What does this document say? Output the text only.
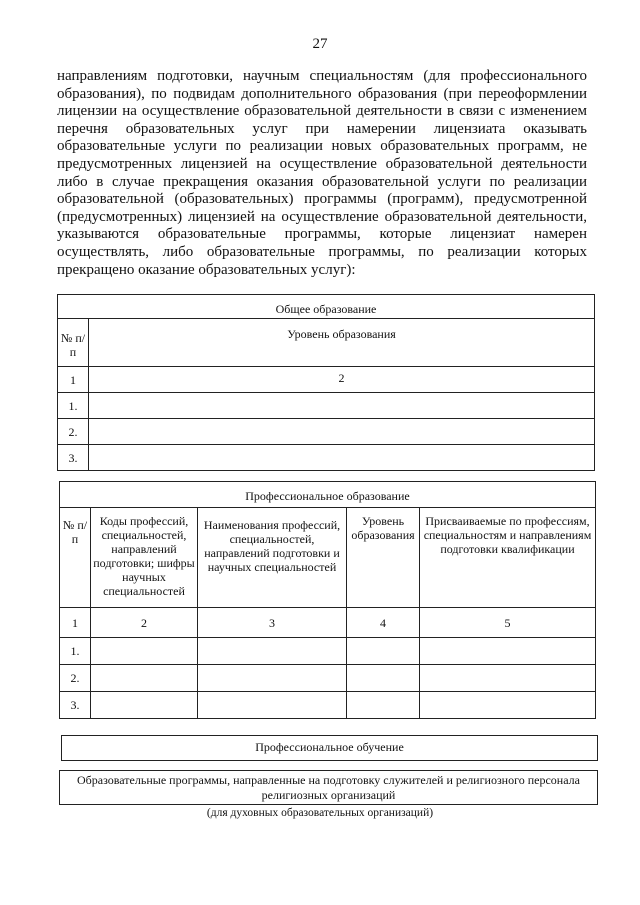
27
направлениям подготовки, научным специальностям (для профессионального образования), по подвидам дополнительного образования (при переоформлении лицензии на осуществление образовательной деятельности в связи с изменением перечня образовательных услуг при намерении лицензиата оказывать образовательные услуги по реализации новых образовательных программ, не предусмотренных лицензией на осуществление образовательной деятельности либо в случае прекращения оказания образовательной услуги по реализации образовательной (образовательных) программы (программ), предусмотренной (предусмотренных) лицензией на осуществление образовательной деятельности, указываются образовательные программы, которые лицензиат намерен осуществлять, либо образовательные программы, по реализации которых прекращено оказание образовательных услуг):
Общее образование	
№ п/п	Уровень образования
1	2
1.	
2.	
3.	
Профессиональное образование				
№ п/п	Коды профессий, специальностей, направлений подготовки; шифры научных специальностей	Наименования профессий, специальностей, направлений подготовки и научных специальностей	Уровень образования	Присваиваемые по профессиям, специальностям и направлениям подготовки квалификации
1	2	3	4	5
1.				
2.				
3.				
Профессиональное обучение
Образовательные программы, направленные на подготовку служителей и религиозного персонала религиозных организаций
(для духовных образовательных организаций)
